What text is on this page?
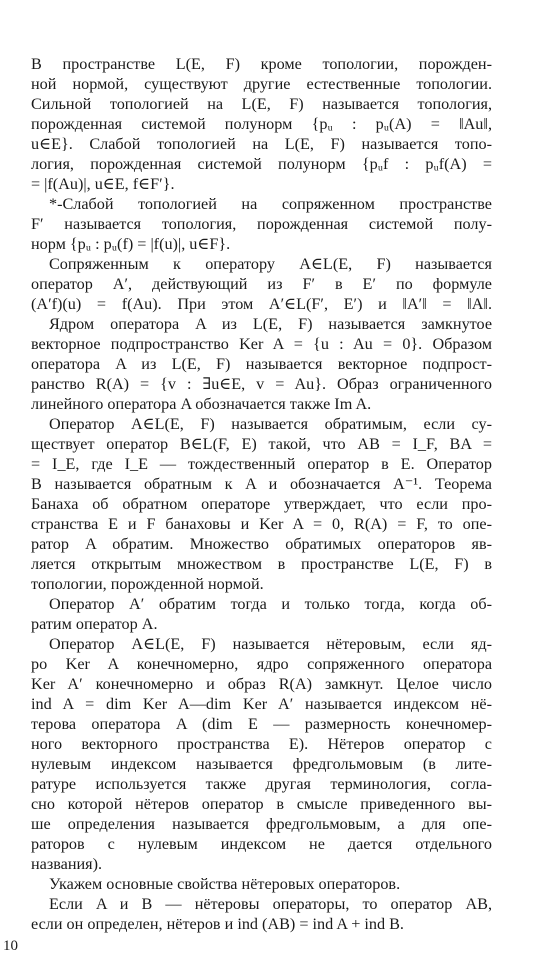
В пространстве L(E, F) кроме топологии, порожден-
ной нормой, существуют другие естественные топологии.
Сильной топологией на L(E, F) называется топология,
порожденная системой полунорм {pᵤ : pᵤ(A) = ‖Au‖,
u∈E}. Слабой топологией на L(E, F) называется топо-
логия, порожденная системой полунорм {pᵤf : pᵤf(A) =
= |f(Au)|, u∈E, f∈F′}.
*-Слабой топологией на сопряженном пространстве
F′ называется топология, порожденная системой полу-
норм {pᵤ : pᵤ(f) = |f(u)|, u∈F}.
Сопряженным к оператору A∈L(E, F) называется
оператор A′, действующий из F′ в E′ по формуле
(A′f)(u) = f(Au). При этом A′∈L(F′, E′) и ‖A′‖ = ‖A‖.
Ядром оператора A из L(E, F) называется замкнутое
векторное подпространство Ker A = {u : Au = 0}. Образом
оператора A из L(E, F) называется векторное подпрост-
ранство R(A) = {v : ∃u∈E, v = Au}. Образ ограниченного
линейного оператора A обозначается также Im A.
Оператор A∈L(E, F) называется обратимым, если су-
ществует оператор B∈L(F, E) такой, что AB = I_F, BA =
= I_E, где I_E — тождественный оператор в E. Оператор
B называется обратным к A и обозначается A⁻¹. Теорема
Банаха об обратном операторе утверждает, что если про-
странства E и F банаховы и Ker A = 0, R(A) = F, то опе-
ратор A обратим. Множество обратимых операторов яв-
ляется открытым множеством в пространстве L(E, F) в
топологии, порожденной нормой.
Оператор A′ обратим тогда и только тогда, когда об-
ратим оператор A.
Оператор A∈L(E, F) называется нётеровым, если яд-
ро Ker A конечномерно, ядро сопряженного оператора
Ker A′ конечномерно и образ R(A) замкнут. Целое число
ind A = dim Ker A—dim Ker A′ называется индексом нё-
терова оператора A (dim E — размерность конечномер-
ного векторного пространства E). Нётеров оператор с
нулевым индексом называется фредгольмовым (в лите-
ратуре используется также другая терминология, согла-
сно которой нётеров оператор в смысле приведенного вы-
ше определения называется фредгольмовым, а для опе-
раторов с нулевым индексом не дается отдельного
названия).
Укажем основные свойства нётеровых операторов.
Если A и B — нётеровы операторы, то оператор AB,
10
если он определен, нётеров и ind (AB) = ind A + ind B.
